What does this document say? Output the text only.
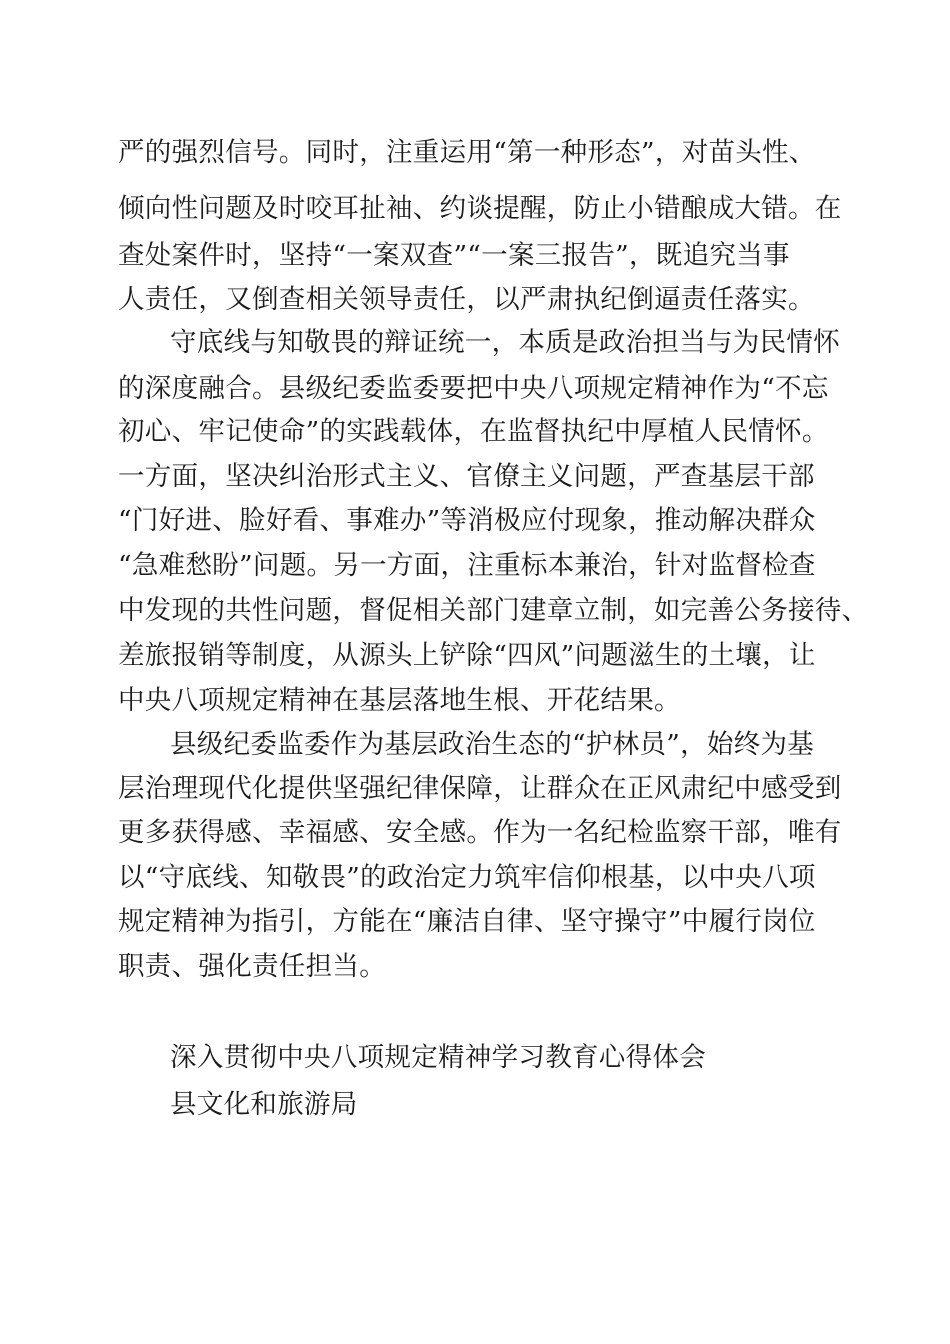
严的强烈信号。同时，注重运用“第一种形态”，对苗头性、
倾向性问题及时咬耳扯袖、约谈提醒，防止小错酿成大错。在
查处案件时，坚持“一案双查”“一案三报告”，既追究当事
人责任，又倒查相关领导责任，以严肃执纪倒逼责任落实。
守底线与知敬畏的辩证统一，本质是政治担当与为民情怀
的深度融合。县级纪委监委要把中央八项规定精神作为“不忘
初心、牢记使命”的实践载体，在监督执纪中厚植人民情怀。
一方面，坚决纠治形式主义、官僚主义问题，严查基层干部
“门好进、脸好看、事难办”等消极应付现象，推动解决群众
“急难愁盼”问题。另一方面，注重标本兼治，针对监督检查
中发现的共性问题，督促相关部门建章立制，如完善公务接待、
差旅报销等制度，从源头上铲除“四风”问题滋生的土壤，让
中央八项规定精神在基层落地生根、开花结果。
县级纪委监委作为基层政治生态的“护林员”，始终为基
层治理现代化提供坚强纪律保障，让群众在正风肃纪中感受到
更多获得感、幸福感、安全感。作为一名纪检监察干部，唯有
以“守底线、知敬畏”的政治定力筑牢信仰根基，以中央八项
规定精神为指引，方能在“廉洁自律、坚守操守”中履行岗位
职责、强化责任担当。
深入贯彻中央八项规定精神学习教育心得体会
县文化和旅游局
